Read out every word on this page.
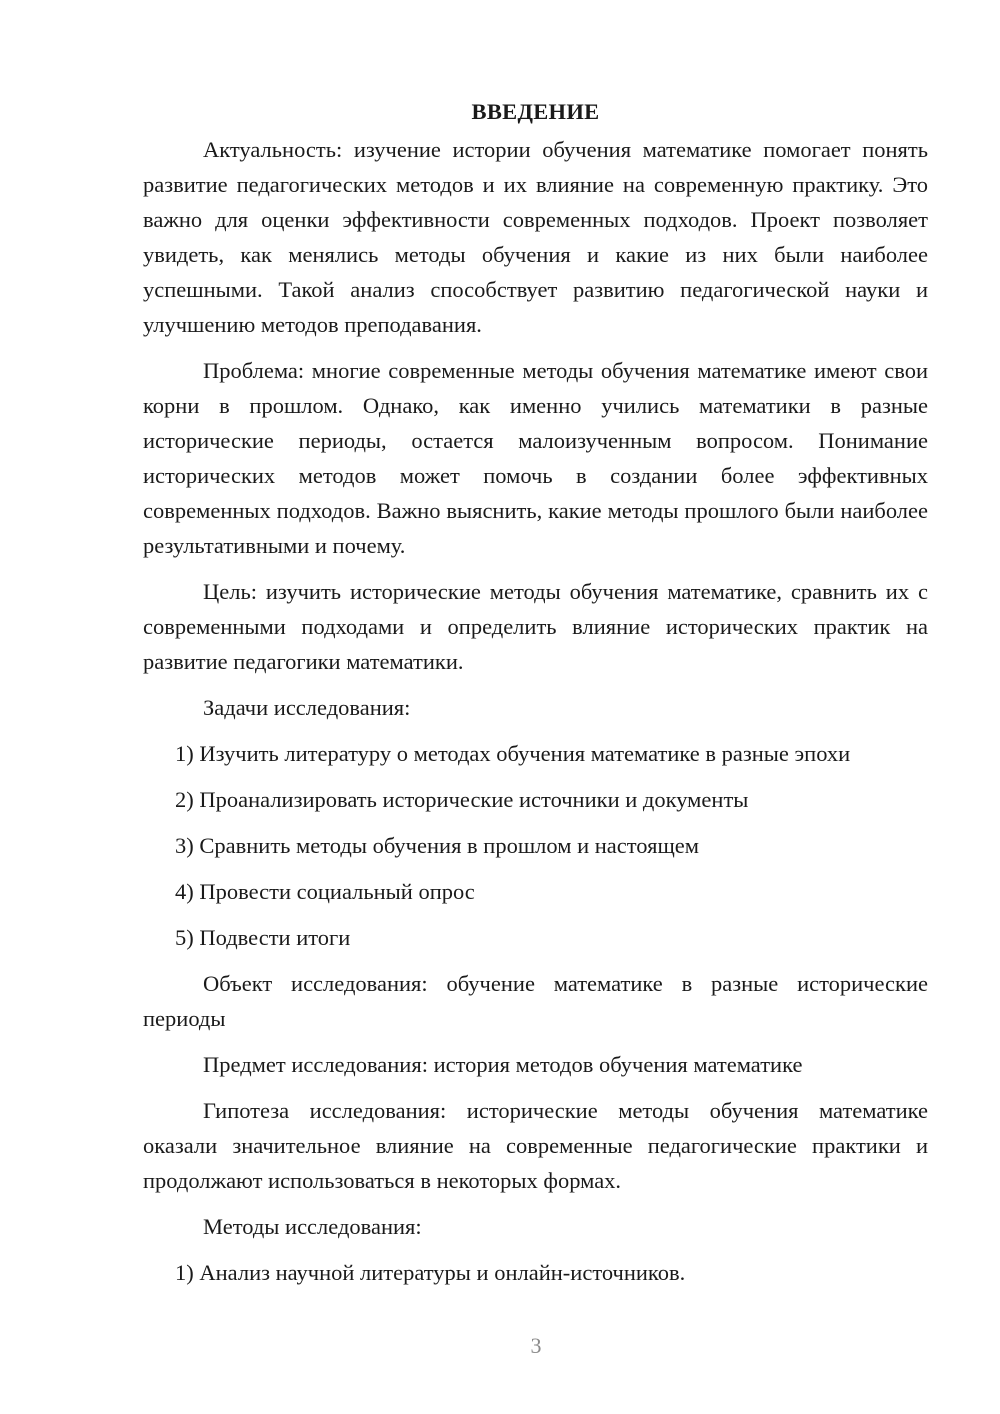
ВВЕДЕНИЕ

Актуальность: изучение истории обучения математике помогает понять развитие педагогических методов и их влияние на современную практику. Это важно для оценки эффективности современных подходов. Проект позволяет увидеть, как менялись методы обучения и какие из них были наиболее успешными. Такой анализ способствует развитию педагогической науки и улучшению методов преподавания.

Проблема: многие современные методы обучения математике имеют свои корни в прошлом. Однако, как именно учились математики в разные исторические периоды, остается малоизученным вопросом. Понимание исторических методов может помочь в создании более эффективных современных подходов. Важно выяснить, какие методы прошлого были наиболее результативными и почему.

Цель: изучить исторические методы обучения математике, сравнить их с современными подходами и определить влияние исторических практик на развитие педагогики математики.

Задачи исследования:

1) Изучить литературу о методах обучения математике в разные эпохи

2) Проанализировать исторические источники и документы

3) Сравнить методы обучения в прошлом и настоящем

4) Провести социальный опрос

5) Подвести итоги

Объект исследования: обучение математике в разные исторические периоды

Предмет исследования: история методов обучения математике

Гипотеза исследования: исторические методы обучения математике оказали значительное влияние на современные педагогические практики и продолжают использоваться в некоторых формах.

Методы исследования:

1) Анализ научной литературы и онлайн-источников.

3
